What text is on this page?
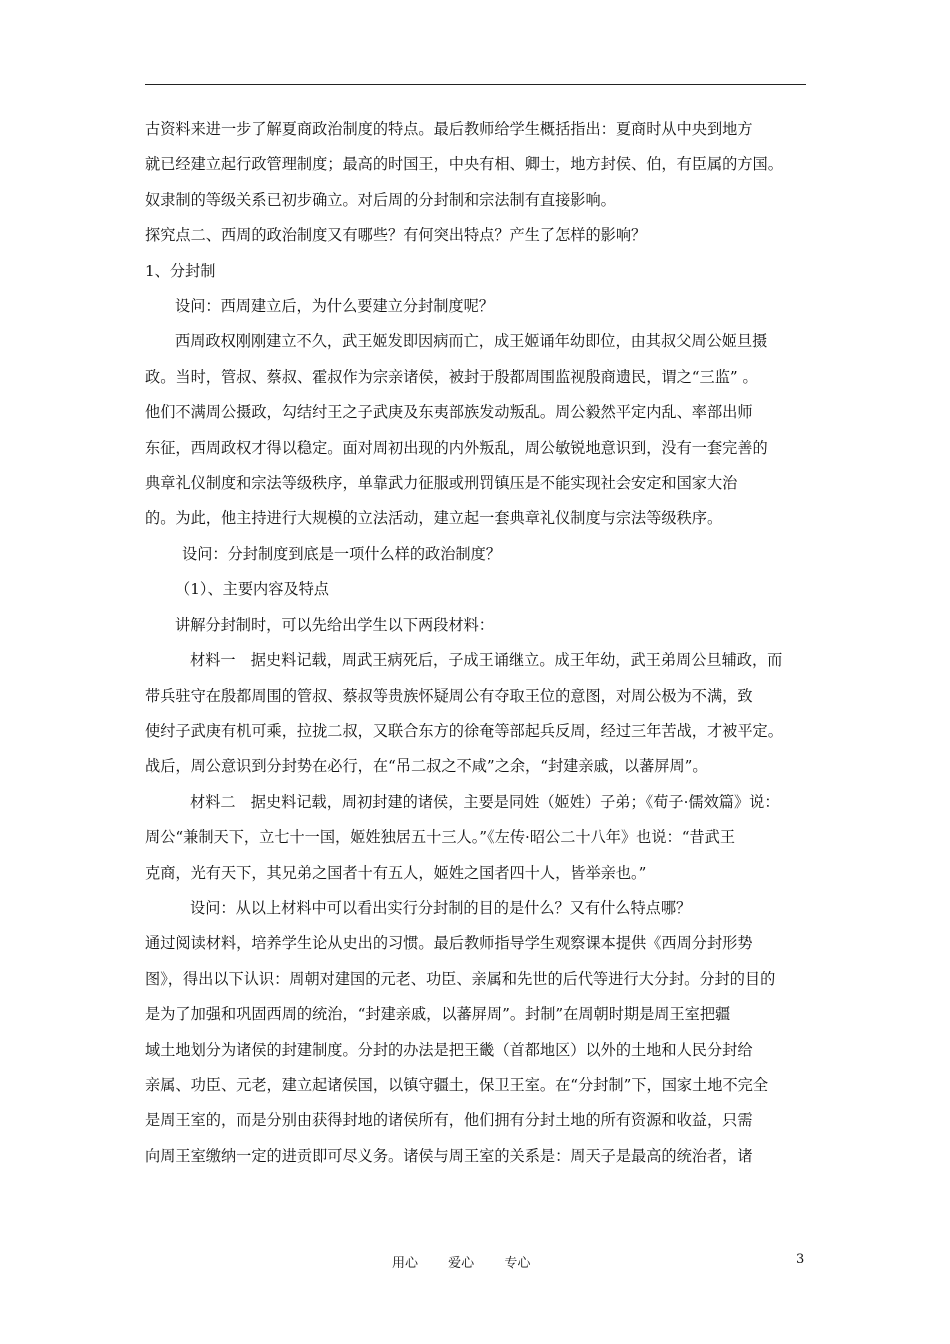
古资料来进一步了解夏商政治制度的特点。最后教师给学生概括指出：夏商时从中央到地方

就已经建立起行政管理制度；最高的时国王，中央有相、卿士，地方封侯、伯，有臣属的方国。

奴隶制的等级关系已初步确立。对后周的分封制和宗法制有直接影响。

探究点二、西周的政治制度又有哪些？有何突出特点？产生了怎样的影响？

1、分封制

设问：西周建立后，为什么要建立分封制度呢？

西周政权刚刚建立不久，武王姬发即因病而亡，成王姬诵年幼即位，由其叔父周公姬旦摄

政。当时，管叔、蔡叔、霍叔作为宗亲诸侯，被封于殷都周围监视殷商遗民，谓之“三监” 。

他们不满周公摄政，勾结纣王之子武庚及东夷部族发动叛乱。周公毅然平定内乱、率部出师

东征，西周政权才得以稳定。面对周初出现的内外叛乱，周公敏锐地意识到，没有一套完善的

典章礼仪制度和宗法等级秩序，单靠武力征服或刑罚镇压是不能实现社会安定和国家大治

的。为此，他主持进行大规模的立法活动，建立起一套典章礼仪制度与宗法等级秩序。

设问：分封制度到底是一项什么样的政治制度？

（1）、主要内容及特点

讲解分封制时，可以先给出学生以下两段材料：

材料一　据史料记载，周武王病死后，子成王诵继立。成王年幼，武王弟周公旦辅政，而

带兵驻守在殷都周围的管叔、蔡叔等贵族怀疑周公有夺取王位的意图，对周公极为不满，致

使纣子武庚有机可乘，拉拢二叔，又联合东方的徐奄等部起兵反周，经过三年苦战，才被平定。

战后，周公意识到分封势在必行，在“吊二叔之不咸”之余，“封建亲戚，以蕃屏周”。

材料二　据史料记载，周初封建的诸侯，主要是同姓（姬姓）子弟；《荀子·儒效篇》说：

周公“兼制天下，立七十一国，姬姓独居五十三人。”《左传·昭公二十八年》也说：“昔武王

克商，光有天下，其兄弟之国者十有五人，姬姓之国者四十人，皆举亲也。”

设问：从以上材料中可以看出实行分封制的目的是什么？又有什么特点哪？

通过阅读材料，培养学生论从史出的习惯。最后教师指导学生观察课本提供《西周分封形势

图》，得出以下认识：周朝对建国的元老、功臣、亲属和先世的后代等进行大分封。分封的目的

是为了加强和巩固西周的统治，“封建亲戚，以蕃屏周”。封制”在周朝时期是周王室把疆

域土地划分为诸侯的封建制度。分封的办法是把王畿（首都地区）以外的土地和人民分封给

亲属、功臣、元老，建立起诸侯国，以镇守疆土，保卫王室。在“分封制”下，国家土地不完全

是周王室的，而是分别由获得封地的诸侯所有，他们拥有分封土地的所有资源和收益，只需

向周王室缴纳一定的进贡即可尽义务。诸侯与周王室的关系是：周天子是最高的统治者，诸

用心 爱心 专心	3
